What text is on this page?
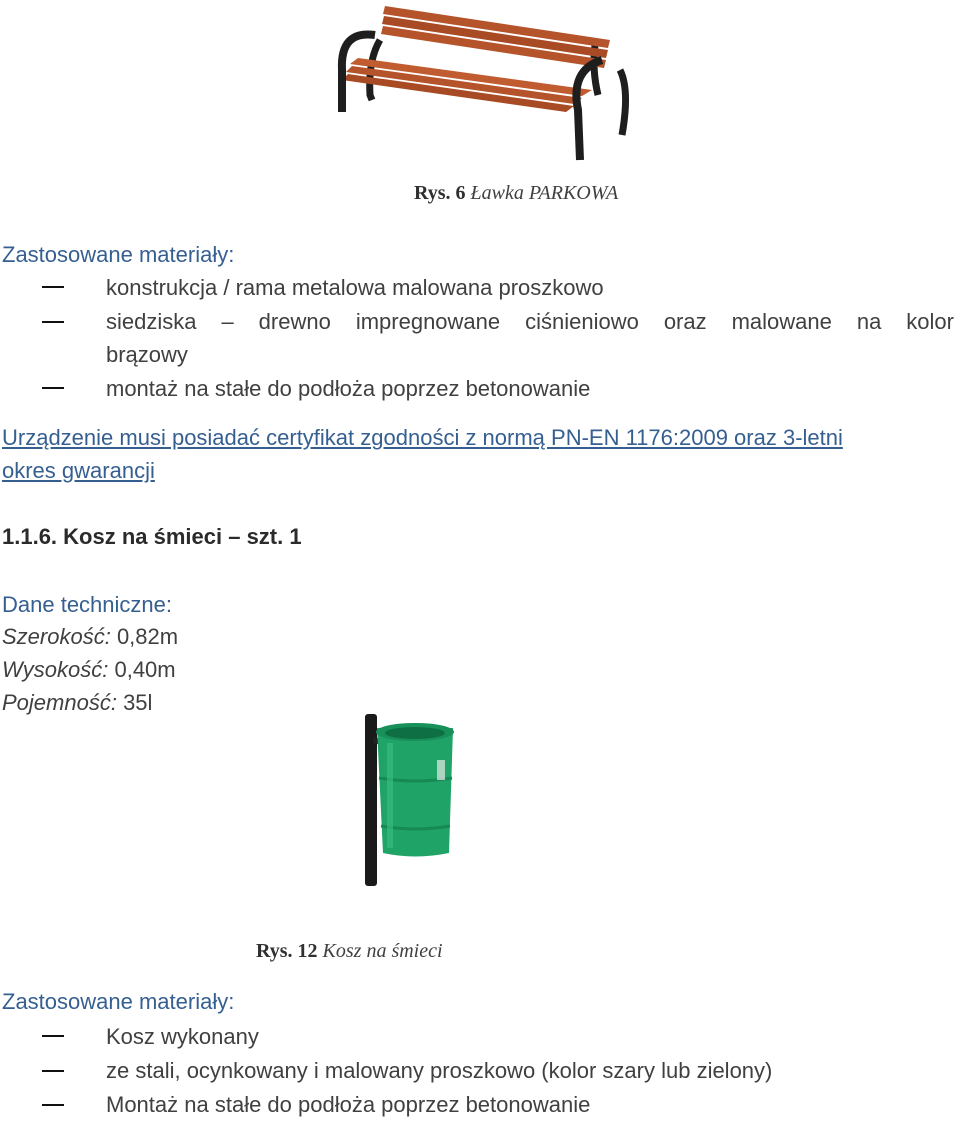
Rys. 6 Ławka PARKOWA
Zastosowane materiały:
konstrukcja / rama metalowa malowana proszkowo
siedziska – drewno impregnowane ciśnieniowo oraz malowane na kolor
brązowy
montaż na stałe do podłoża poprzez betonowanie
Urządzenie musi posiadać certyfikat zgodności z normą PN-EN 1176:2009 oraz 3-letni
okres gwarancji
1.1.6. Kosz na śmieci – szt. 1
Dane techniczne:
Szerokość: 0,82m
Wysokość: 0,40m
Pojemność: 35l
Rys. 12 Kosz na śmieci
Zastosowane materiały:
Kosz wykonany
ze stali, ocynkowany i malowany proszkowo (kolor szary lub zielony)
Montaż na stałe do podłoża poprzez betonowanie
